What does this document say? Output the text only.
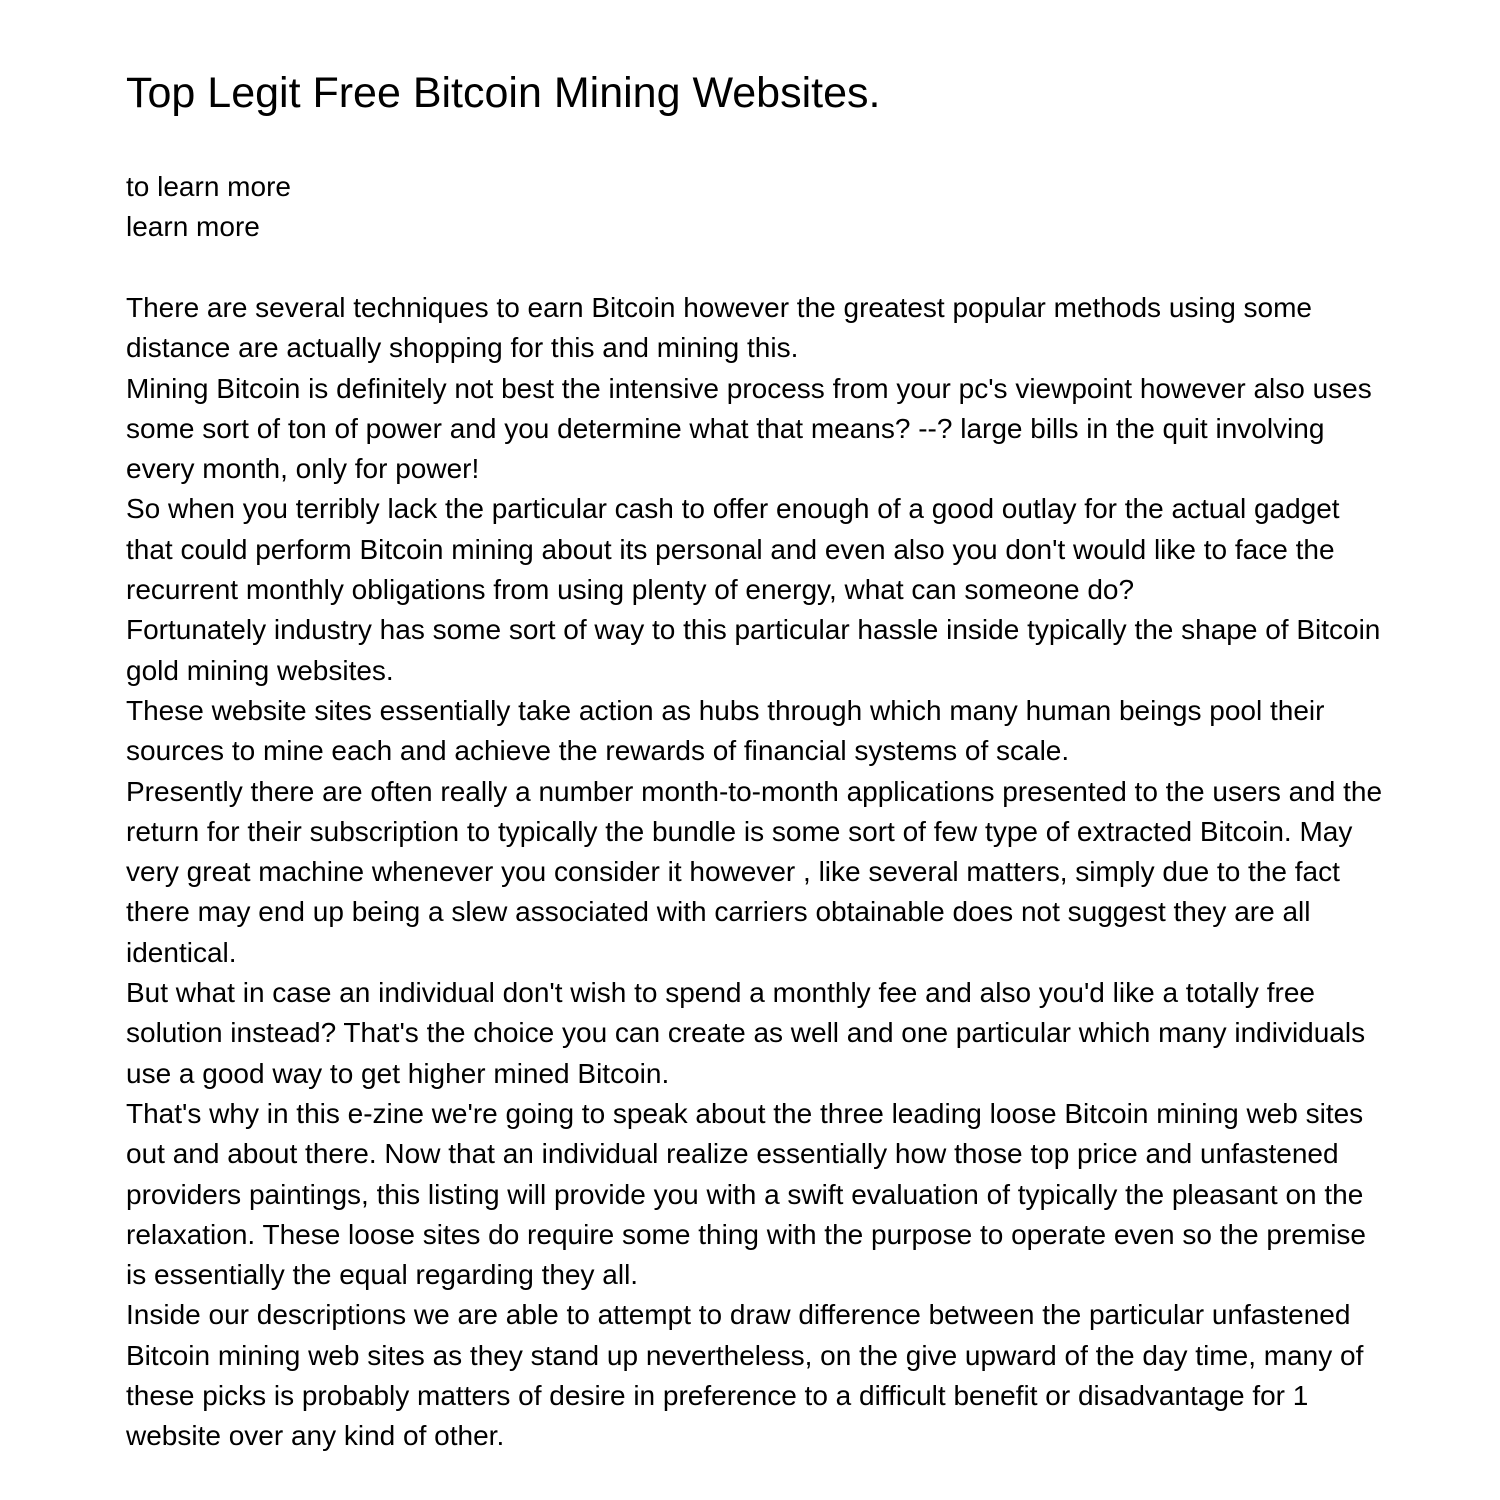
Top Legit Free Bitcoin Mining Websites.
to learn more
learn more

There are several techniques to earn Bitcoin however the greatest popular methods using some distance are actually shopping for this and mining this.

Mining Bitcoin is definitely not best the intensive process from your pc's viewpoint however also uses some sort of ton of power and you determine what that means? --? large bills in the quit involving every month, only for power!

So when you terribly lack the particular cash to offer enough of a good outlay for the actual gadget that could perform Bitcoin mining about its personal and even also you don't would like to face the recurrent monthly obligations from using plenty of energy, what can someone do?

Fortunately industry has some sort of way to this particular hassle inside typically the shape of Bitcoin gold mining websites.

These website sites essentially take action as hubs through which many human beings pool their sources to mine each and achieve the rewards of financial systems of scale.

Presently there are often really a number month-to-month applications presented to the users and the return for their subscription to typically the bundle is some sort of few type of extracted Bitcoin. May very great machine whenever you consider it however , like several matters, simply due to the fact there may end up being a slew associated with carriers obtainable does not suggest they are all identical.

But what in case an individual don't wish to spend a monthly fee and also you'd like a totally free solution instead? That's the choice you can create as well and one particular which many individuals use a good way to get higher mined Bitcoin.

That's why in this e-zine we're going to speak about the three leading loose Bitcoin mining web sites out and about there. Now that an individual realize essentially how those top price and unfastened providers paintings, this listing will provide you with a swift evaluation of typically the pleasant on the relaxation. These loose sites do require some thing with the purpose to operate even so the premise is essentially the equal regarding they all.

Inside our descriptions we are able to attempt to draw difference between the particular unfastened Bitcoin mining web sites as they stand up nevertheless, on the give upward of the day time, many of these picks is probably matters of desire in preference to a difficult benefit or disadvantage for 1 website over any kind of other.
